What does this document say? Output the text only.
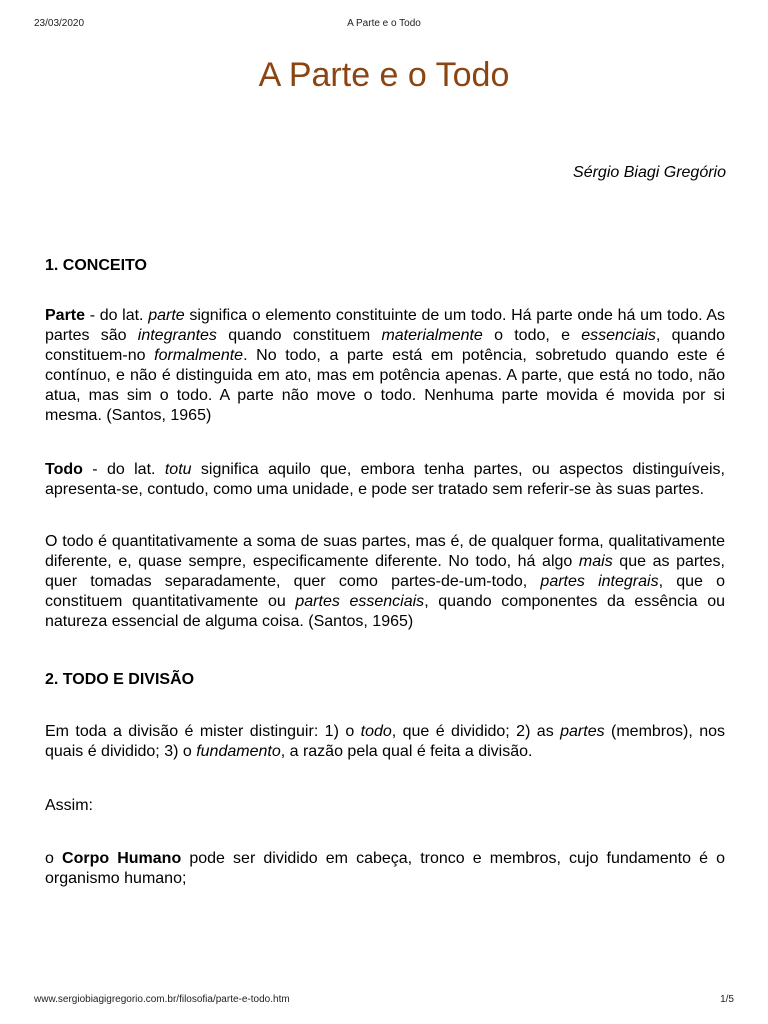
23/03/2020	A Parte e o Todo
A Parte e o Todo
Sérgio Biagi Gregório

1. CONCEITO

Parte - do lat. parte significa o elemento constituinte de um todo. Há parte onde há um todo. As partes são integrantes quando constituem materialmente o todo, e essenciais, quando constituem-no formalmente. No todo, a parte está em potência, sobretudo quando este é contínuo, e não é distinguida em ato, mas em potência apenas. A parte, que está no todo, não atua, mas sim o todo. A parte não move o todo. Nenhuma parte movida é movida por si mesma. (Santos, 1965)

Todo - do lat. totu significa aquilo que, embora tenha partes, ou aspectos distinguíveis, apresenta-se, contudo, como uma unidade, e pode ser tratado sem referir-se às suas partes.

O todo é quantitativamente a soma de suas partes, mas é, de qualquer forma, qualitativamente diferente, e, quase sempre, especificamente diferente. No todo, há algo mais que as partes, quer tomadas separadamente, quer como partes-de-um-todo, partes integrais, que o constituem quantitativamente ou partes essenciais, quando componentes da essência ou natureza essencial de alguma coisa. (Santos, 1965)

2. TODO E DIVISÃO

Em toda a divisão é mister distinguir: 1) o todo, que é dividido; 2) as partes (membros), nos quais é dividido; 3) o fundamento, a razão pela qual é feita a divisão.

Assim:

o Corpo Humano pode ser dividido em cabeça, tronco e membros, cujo fundamento é o organismo humano;

www.sergiobiagigregorio.com.br/filosofia/parte-e-todo.htm	1/5
